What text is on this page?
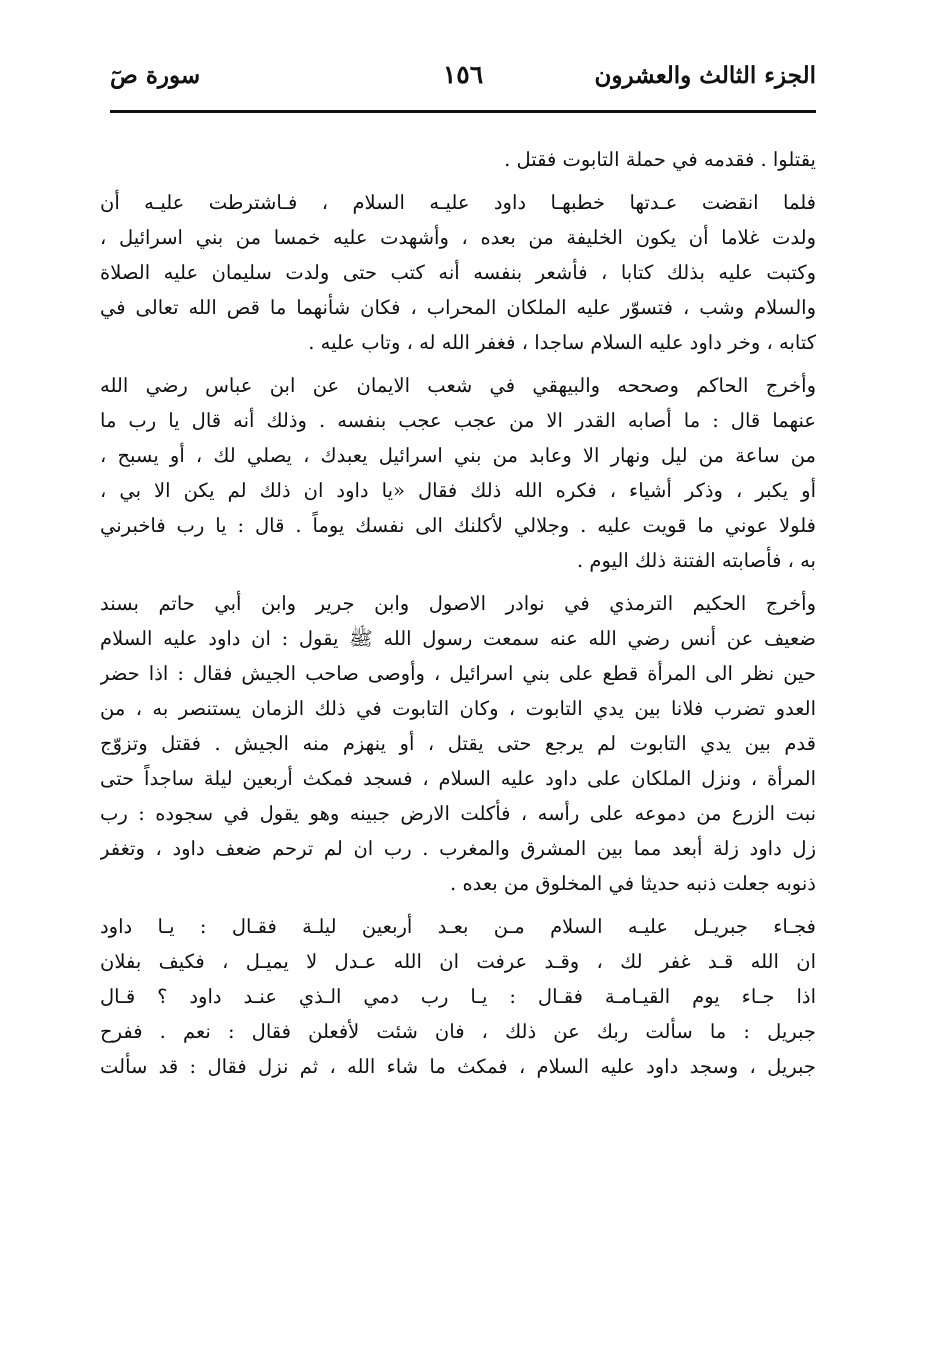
الجزء الثالث والعشرون
١٥٦
سورة صٓ
يقتلوا . فقدمه في حملة التابوت فقتل .
فلما انقضت عـدتها خطبهـا داود عليـه السلام ، فـاشترطت عليـه أن
ولدت غلاما أن يكون الخليفة من بعده ، وأشهدت عليه خمسا من بني اسرائيل ،
وكتبت عليه بذلك كتابا ، فأشعر بنفسه أنه كتب حتى ولدت سليمان عليه الصلاة
والسلام وشب ، فتسوّر عليه الملكان المحراب ، فكان شأنهما ما قص الله تعالى في
كتابه ، وخر داود عليه السلام ساجدا ، فغفر الله له ، وتاب عليه .
وأخرج الحاكم وصححه والبيهقي في شعب الايمان عن ابن عباس رضي الله
عنهما قال : ما أصابه القدر الا من عجب عجب بنفسه . وذلك أنه قال يا رب ما
من ساعة من ليل ونهار الا وعابد من بني اسرائيل يعبدك ، يصلي لك ، أو يسبح ،
أو يكبر ، وذكر أشياء ، فكره الله ذلك فقال «يا داود ان ذلك لم يكن الا بي ،
فلولا عوني ما قويت عليه . وجلالي لأكلنك الى نفسك يوماً . قال : يا رب فاخبرني
به ، فأصابته الفتنة ذلك اليوم .
وأخرج الحكيم الترمذي في نوادر الاصول وابن جرير وابن أبي حاتم بسند
ضعيف عن أنس رضي الله عنه سمعت رسول الله ﷺ يقول : ان داود عليه السلام
حين نظر الى المرأة قطع على بني اسرائيل ، وأوصى صاحب الجيش فقال : اذا حضر
العدو تضرب فلانا بين يدي التابوت ، وكان التابوت في ذلك الزمان يستنصر به ، من
قدم بين يدي التابوت لم يرجع حتى يقتل ، أو ينهزم منه الجيش . فقتل وتزوّج
المرأة ، ونزل الملكان على داود عليه السلام ، فسجد فمكث أربعين ليلة ساجداً حتى
نبت الزرع من دموعه على رأسه ، فأكلت الارض جبينه وهو يقول في سجوده : رب
زل داود زلة أبعد مما بين المشرق والمغرب . رب ان لم ترحم ضعف داود ، وتغفر
ذنوبه جعلت ذنبه حديثا في المخلوق من بعده .
فجـاء جبريـل عليـه السلام مـن بعـد أربعين ليلـة فقـال : يـا داود
ان الله قـد غفر لك ، وقـد عرفت ان الله عـدل لا يميـل ، فكيف بفلان
اذا جـاء يوم القيـامـة فقـال : يـا رب دمي الـذي عنـد داود ؟ قـال
جبريل : ما سألت ربك عن ذلك ، فان شئت لأفعلن فقال : نعم . ففرح
جبريل ، وسجد داود عليه السلام ، فمكث ما شاء الله ، ثم نزل فقال : قد سألت
